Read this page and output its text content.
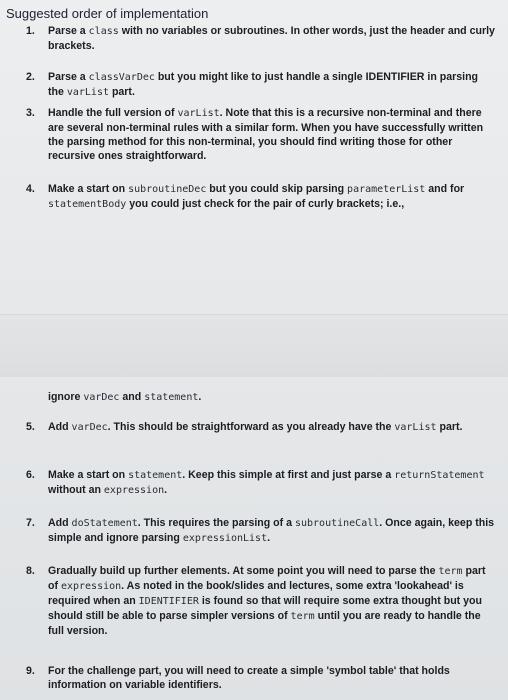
Suggested order of implementation
1.	Parse a class with no variables or subroutines. In other words, just the header and curly brackets.
2.	Parse a classVarDec but you might like to just handle a single IDENTIFIER in parsing the varList part.
3.	Handle the full version of varList. Note that this is a recursive non-terminal and there are several non-terminal rules with a similar form. When you have successfully written the parsing method for this non-terminal, you should find writing those for other recursive ones straightforward.
4.	Make a start on subroutineDec but you could skip parsing parameterList and for statementBody you could just check for the pair of curly brackets; i.e.,
ignore varDec and statement.
5.	Add varDec. This should be straightforward as you already have the varList part.
6.	Make a start on statement. Keep this simple at first and just parse a returnStatement without an expression.
7.	Add doStatement. This requires the parsing of a subroutineCall. Once again, keep this simple and ignore parsing expressionList.
8.	Gradually build up further elements. At some point you will need to parse the term part of expression. As noted in the book/slides and lectures, some extra 'lookahead' is required when an IDENTIFIER is found so that will require some extra thought but you should still be able to parse simpler versions of term until you are ready to handle the full version.
9.	For the challenge part, you will need to create a simple 'symbol table' that holds information on variable identifiers.
